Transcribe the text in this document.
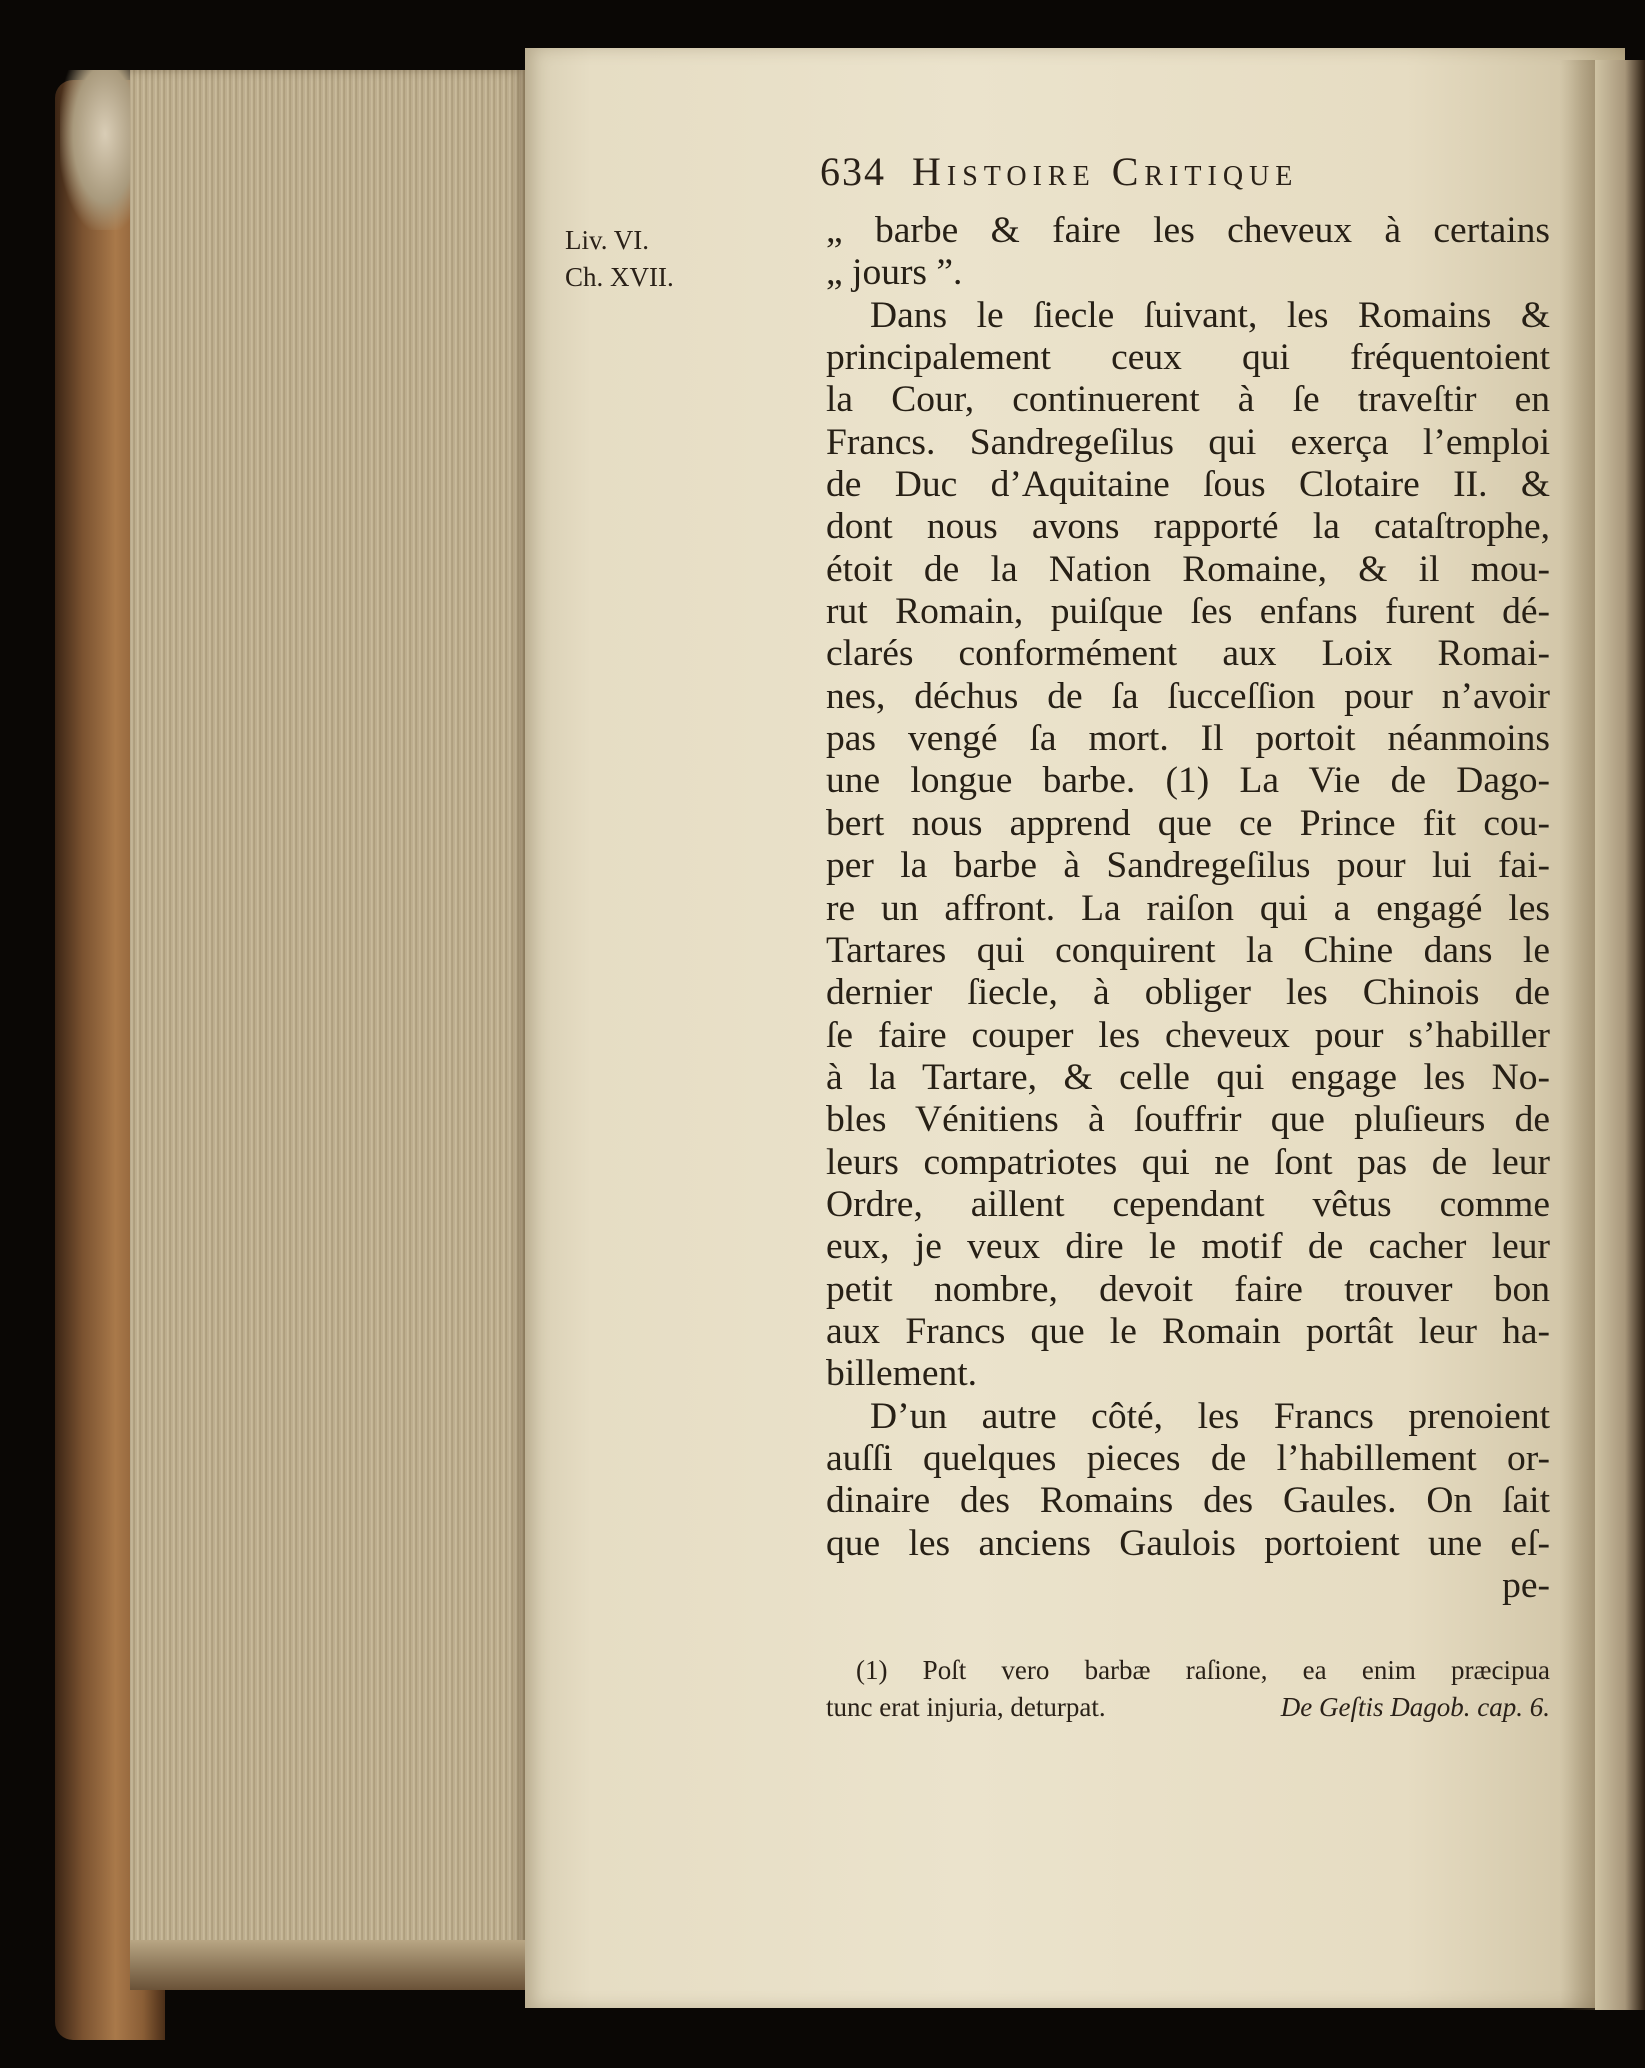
634 Histoire Critique
Liv. VI.
Ch. XVII.
„ barbe & faire les cheveux à certains
„ jours ”.
Dans le ſiecle ſuivant, les Romains &
principalement ceux qui fréquentoient
la Cour, continuerent à ſe traveſtir en
Francs. Sandregeſilus qui exerça l’emploi
de Duc d’Aquitaine ſous Clotaire II. &
dont nous avons rapporté la cataſtrophe,
étoit de la Nation Romaine, & il mou-
rut Romain, puiſque ſes enfans furent dé-
clarés conformément aux Loix Romai-
nes, déchus de ſa ſucceſſion pour n’avoir
pas vengé ſa mort. Il portoit néanmoins
une longue barbe. (1) La Vie de Dago-
bert nous apprend que ce Prince fit cou-
per la barbe à Sandregeſilus pour lui fai-
re un affront. La raiſon qui a engagé les
Tartares qui conquirent la Chine dans le
dernier ſiecle, à obliger les Chinois de
ſe faire couper les cheveux pour s’habiller
à la Tartare, & celle qui engage les No-
bles Vénitiens à ſouffrir que pluſieurs de
leurs compatriotes qui ne ſont pas de leur
Ordre, aillent cependant vêtus comme
eux, je veux dire le motif de cacher leur
petit nombre, devoit faire trouver bon
aux Francs que le Romain portât leur ha-
billement.
D’un autre côté, les Francs prenoient
auſſi quelques pieces de l’habillement or-
dinaire des Romains des Gaules. On ſait
que les anciens Gaulois portoient une eſ-
pe-
(1) Poſt vero barbæ raſione, ea enim præcipua
tunc erat injuria, deturpat.	De Geſtis Dagob. cap. 6.
